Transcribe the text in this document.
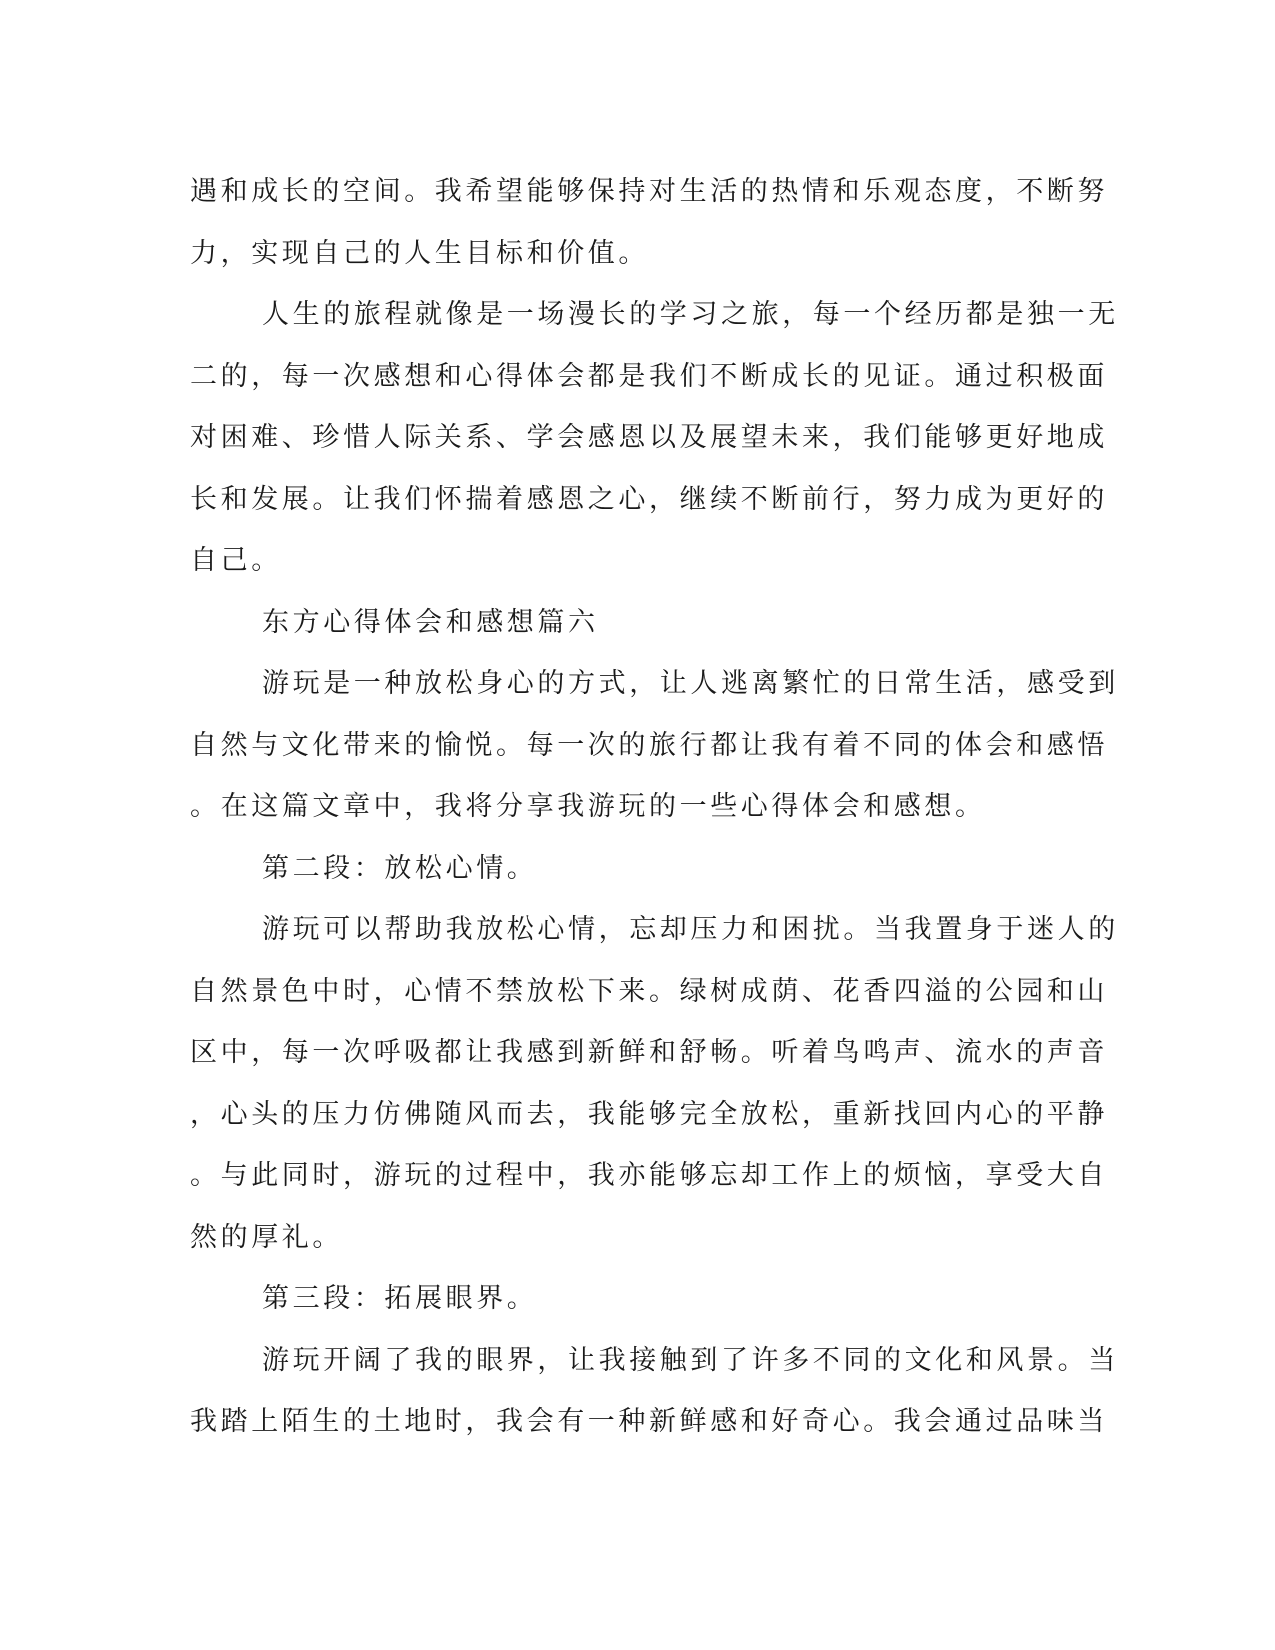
遇和成长的空间。我希望能够保持对生活的热情和乐观态度，不断努
力，实现自己的人生目标和价值。
人生的旅程就像是一场漫长的学习之旅，每一个经历都是独一无
二的，每一次感想和心得体会都是我们不断成长的见证。通过积极面
对困难、珍惜人际关系、学会感恩以及展望未来，我们能够更好地成
长和发展。让我们怀揣着感恩之心，继续不断前行，努力成为更好的
自己。
东方心得体会和感想篇六
游玩是一种放松身心的方式，让人逃离繁忙的日常生活，感受到
自然与文化带来的愉悦。每一次的旅行都让我有着不同的体会和感悟
。在这篇文章中，我将分享我游玩的一些心得体会和感想。
第二段：放松心情。
游玩可以帮助我放松心情，忘却压力和困扰。当我置身于迷人的
自然景色中时，心情不禁放松下来。绿树成荫、花香四溢的公园和山
区中，每一次呼吸都让我感到新鲜和舒畅。听着鸟鸣声、流水的声音
，心头的压力仿佛随风而去，我能够完全放松，重新找回内心的平静
。与此同时，游玩的过程中，我亦能够忘却工作上的烦恼，享受大自
然的厚礼。
第三段：拓展眼界。
游玩开阔了我的眼界，让我接触到了许多不同的文化和风景。当
我踏上陌生的土地时，我会有一种新鲜感和好奇心。我会通过品味当
